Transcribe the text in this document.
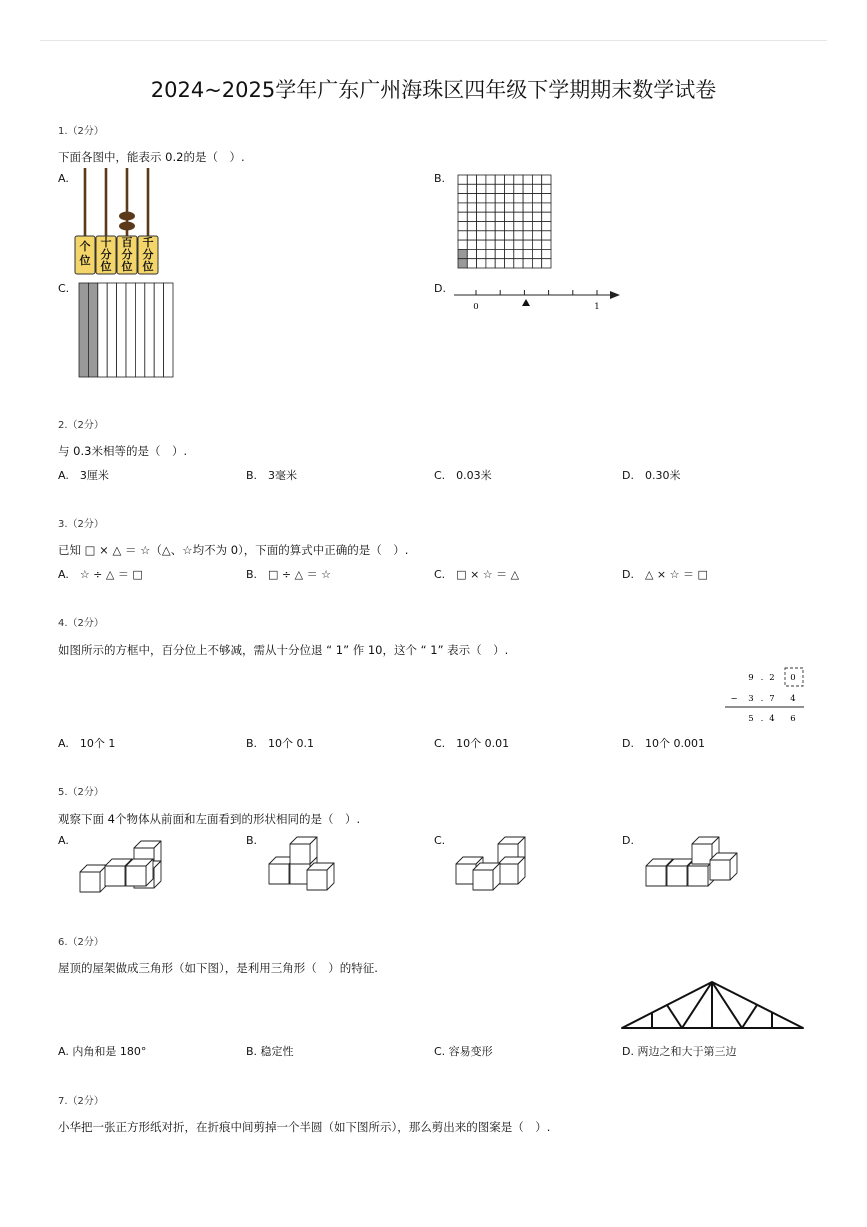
2024~2025学年广东广州海珠区四年级下学期期末数学试卷
1.（2分）
下面各图中，能表示 0.2的是（　）.
A.	B.
C.	D.
个
位
十
分
位
百
分
位
千
分
位
0	1
2.（2分）
与 0.3米相等的是（　）.
A.　3厘米	B.　3毫米	C.　0.03米	D.　0.30米
3.（2分）
已知 □ × △ ＝ ☆（△、☆均不为 0），下面的算式中正确的是（　）.
A.　☆ ÷ △ ＝ □	B.　□ ÷ △ ＝ ☆	C.　□ × ☆ ＝ △	D.　△ × ☆ ＝ □
4.（2分）
如图所示的方框中，百分位上不够减，需从十分位退 “ 1” 作 10，这个 “ 1” 表示（　）.
9 . 2 0
− 3 . 7 4
5 . 4 6
A.　10个 1	B.　10个 0.1	C.　10个 0.01	D.　10个 0.001
5.（2分）
观察下面 4个物体从前面和左面看到的形状相同的是（　）.
A.	B.	C.	D.
6.（2分）
屋顶的屋架做成三角形（如下图），是利用三角形（　）的特征.
A. 内角和是 180°	B. 稳定性	C. 容易变形	D. 两边之和大于第三边
7.（2分）
小华把一张正方形纸对折，在折痕中间剪掉一个半圆（如下图所示），那么剪出来的图案是（　）.
